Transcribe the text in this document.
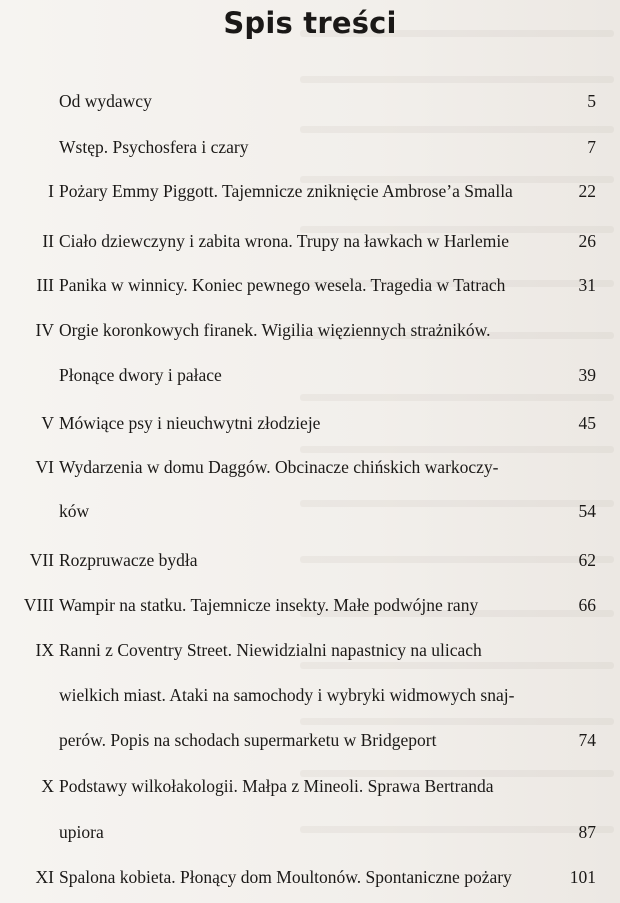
Spis treści
Od wydawcy	5
Wstęp. Psychosfera i czary	7
I Pożary Emmy Piggott. Tajemnicze zniknięcie Ambrose’a Smalla	22
II Ciało dziewczyny i zabita wrona. Trupy na ławkach w Harlemie	26
III Panika w winnicy. Koniec pewnego wesela. Tragedia w Tatrach	31
IV Orgie koronkowych firanek. Wigilia więziennych strażników.
Płonące dwory i pałace	39
V Mówiące psy i nieuchwytni złodzieje	45
VI Wydarzenia w domu Daggów. Obcinacze chińskich warkoczy-
ków	54
VII Rozpruwacze bydła	62
VIII Wampir na statku. Tajemnicze insekty. Małe podwójne rany	66
IX Ranni z Coventry Street. Niewidzialni napastnicy na ulicach
wielkich miast. Ataki na samochody i wybryki widmowych snaj-
perów. Popis na schodach supermarketu w Bridgeport	74
X Podstawy wilkołakologii. Małpa z Mineoli. Sprawa Bertranda
upiora	87
XI Spalona kobieta. Płonący dom Moultonów. Spontaniczne pożary	101
